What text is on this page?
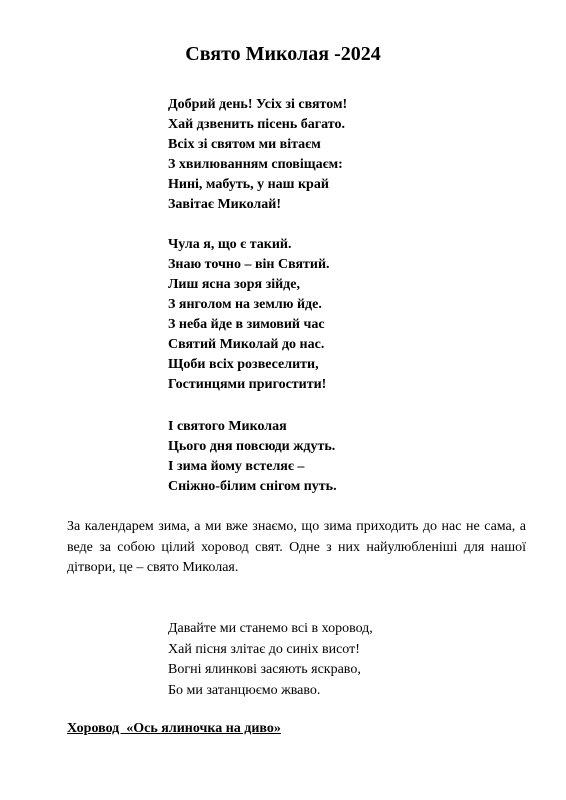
Свято Миколая -2024
Добрий день! Усіх зі святом!
Хай дзвенить пісень багато.
Всіх зі святом ми вітаєм
З хвилюванням сповіщаєм:
Нині, мабуть, у наш край
Завітає Миколай!
Чула я, що є такий.
Знаю точно – він Святий.
Лиш ясна зоря зійде,
З янголом на землю йде.
З неба йде в зимовий час
Святий Миколай до нас.
Щоби всіх розвеселити,
Гостинцями пригостити!
І святого Миколая
Цього дня повсюди ждуть.
І зима йому встеляє –
Сніжно-білим снігом путь.

За календарем зима, а ми вже знаємо, що зима приходить до нас не сама, а веде за собою цілий хоровод свят. Одне з них найулюбленіші для нашої дітвори, це – свято Миколая.

Давайте ми станемо всі в хоровод,
Хай пісня злітає до синіх висот!
Вогні ялинкові засяють яскраво,
Бо ми затанцюємо жваво.
Хоровод  «Ось ялиночка на диво»
